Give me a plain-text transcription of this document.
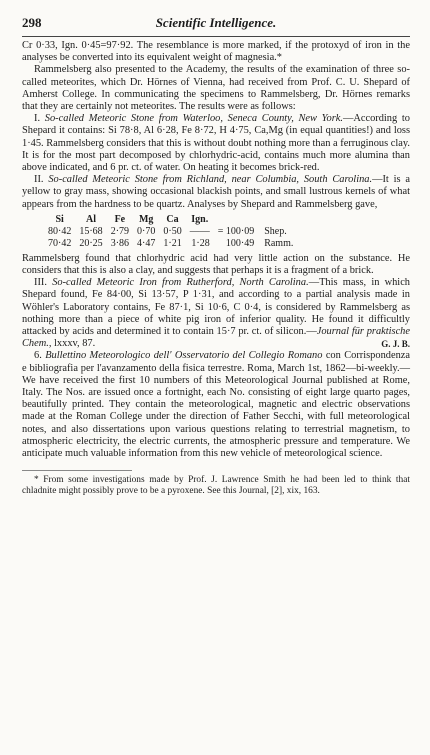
298	Scientific Intelligence.

Cr 0·33, Ign. 0·45=97·92. The resemblance is more marked, if the protoxyd of iron in the analyses be converted into its equivalent weight of magnesia.*

Rammelsberg also presented to the Academy, the results of the examination of three so-called meteorites, which Dr. Hörnes of Vienna, had received from Prof. C. U. Shepard of Amherst College. In communicating the specimens to Rammelsberg, Dr. Hörnes remarks that they are certainly not meteorites. The results were as follows:

I. So-called Meteoric Stone from Waterloo, Seneca County, New York.—According to Shepard it contains: Si 78·8, Al 6·28, Fe 8·72, H 4·75, Ca,Mg (in equal quantities!) and loss 1·45. Rammelsberg considers that this is without doubt nothing more than a ferruginous clay. It is for the most part decomposed by chlorhydric-acid, contains much more alumina than above indicated, and 6 pr. ct. of water. On heating it becomes brick-red.

II. So-called Meteoric Stone from Richland, near Columbia, South Carolina.—It is a yellow to gray mass, showing occasional blackish points, and small lustrous kernels of what appears from the hardness to be quartz. Analyses by Shepard and Rammelsberg gave,

Si	Al	Fe	Mg	Ca	Ign.		
80·42	15·68	2·79	0·70	0·50	——	= 100·09	Shep.
70·42	20·25	3·86	4·47	1·21	1·28	100·49	Ramm.

Rammelsberg found that chlorhydric acid had very little action on the substance. He considers that this is also a clay, and suggests that perhaps it is a fragment of a brick.

III. So-called Meteoric Iron from Rutherford, North Carolina.—This mass, in which Shepard found, Fe 84·00, Si 13·57, P 1·31, and according to a partial analysis made in Wöhler's Laboratory contains, Fe 87·1, Si 10·6, C 0·4, is considered by Rammelsberg as nothing more than a piece of white pig iron of inferior quality. He found it difficultly attacked by acids and determined it to contain 15·7 pr. ct. of silicon.—Journal für praktische Chem., lxxxv, 87.	G. J. B.

6. Bullettino Meteorologico dell' Osservatorio del Collegio Romano con Corrispondenza e bibliografia per l'avanzamento della fisica terrestre. Roma, March 1st, 1862—bi-weekly.—We have received the first 10 numbers of this Meteorological Journal published at Rome, Italy. The Nos. are issued once a fortnight, each No. consisting of eight large quarto pages, beautifully printed. They contain the meteorological, magnetic and electric observations made at the Roman College under the direction of Father Secchi, with full meteorological notes, and also dissertations upon various questions relating to terrestrial magnetism, to atmospheric electricity, the electric currents, the atmospheric pressure and temperature. We anticipate much valuable information from this new vehicle of meteorological science.

* From some investigations made by Prof. J. Lawrence Smith he had been led to think that chladnite might possibly prove to be a pyroxene. See this Journal, [2], xix, 163.
